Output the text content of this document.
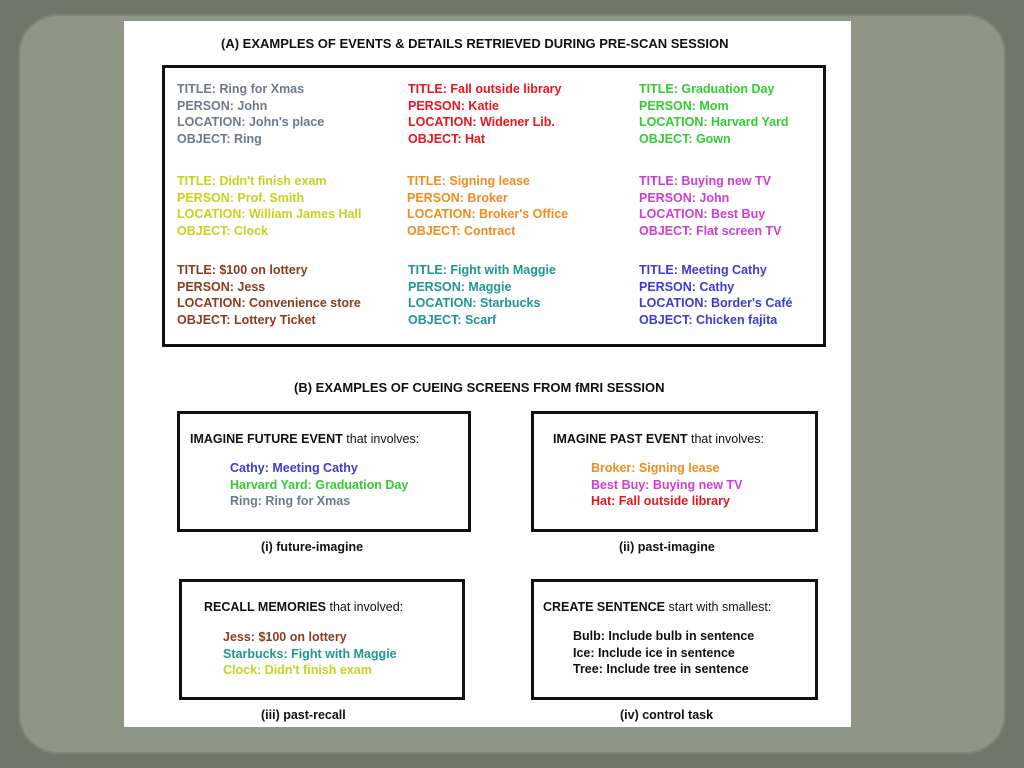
(A) EXAMPLES OF EVENTS & DETAILS RETRIEVED DURING PRE-SCAN SESSION
TITLE: Ring for Xmas
PERSON: John
LOCATION: John's place
OBJECT: Ring
TITLE: Fall outside library
PERSON: Katie
LOCATION: Widener Lib.
OBJECT: Hat
TITLE: Graduation Day
PERSON: Mom
LOCATION: Harvard Yard
OBJECT: Gown
TITLE: Didn't finish exam
PERSON: Prof. Smith
LOCATION: William James Hall
OBJECT: Clock
TITLE: Signing lease
PERSON: Broker
LOCATION: Broker's Office
OBJECT: Contract
TITLE: Buying new TV
PERSON: John
LOCATION: Best Buy
OBJECT: Flat screen TV
TITLE: $100 on lottery
PERSON: Jess
LOCATION: Convenience store
OBJECT: Lottery Ticket
TITLE: Fight with Maggie
PERSON: Maggie
LOCATION: Starbucks
OBJECT: Scarf
TITLE: Meeting Cathy
PERSON: Cathy
LOCATION: Border's Café
OBJECT: Chicken fajita
(B) EXAMPLES OF CUEING SCREENS FROM fMRI SESSION
IMAGINE FUTURE EVENT that involves:
Cathy: Meeting Cathy
Harvard Yard: Graduation Day
Ring: Ring for Xmas
(i) future-imagine
IMAGINE PAST EVENT that involves:
Broker: Signing lease
Best Buy: Buying new TV
Hat: Fall outside library
(ii) past-imagine
RECALL MEMORIES that involved:
Jess: $100 on lottery
Starbucks: Fight with Maggie
Clock: Didn't finish exam
(iii) past-recall
CREATE SENTENCE start with smallest:
Bulb: Include bulb in sentence
Ice: Include ice in sentence
Tree: Include tree in sentence
(iv) control task
